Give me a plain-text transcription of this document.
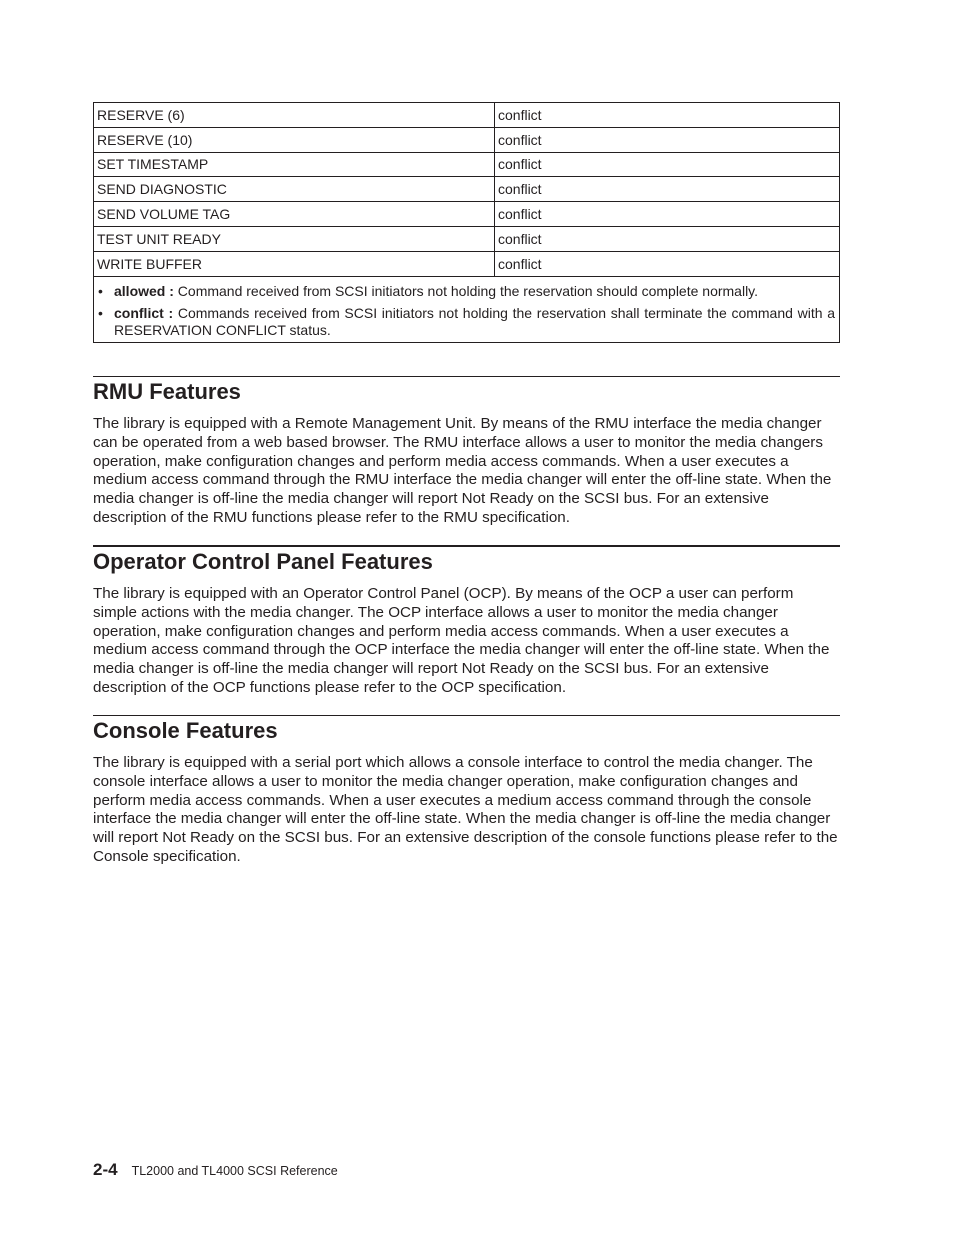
RESERVE (6)	conflict
RESERVE (10)	conflict
SET TIMESTAMP	conflict
SEND DIAGNOSTIC	conflict
SEND VOLUME TAG	conflict
TEST UNIT READY	conflict
WRITE BUFFER	conflict

• allowed : Command received from SCSI initiators not holding the reservation should complete normally.
• conflict : Commands received from SCSI initiators not holding the reservation shall terminate the command with a RESERVATION CONFLICT status.	
RMU Features

The library is equipped with a Remote Management Unit. By means of the RMU interface the media changer can be operated from a web based browser. The RMU interface allows a user to monitor the media changers operation, make configuration changes and perform media access commands. When a user executes a medium access command through the RMU interface the media changer will enter the off-line state. When the media changer is off-line the media changer will report Not Ready on the SCSI bus. For an extensive description of the RMU functions please refer to the RMU specification.

Operator Control Panel Features

The library is equipped with an Operator Control Panel (OCP). By means of the OCP a user can perform simple actions with the media changer. The OCP interface allows a user to monitor the media changer operation, make configuration changes and perform media access commands. When a user executes a medium access command through the OCP interface the media changer will enter the off-line state. When the media changer is off-line the media changer will report Not Ready on the SCSI bus. For an extensive description of the OCP functions please refer to the OCP specification.

Console Features

The library is equipped with a serial port which allows a console interface to control the media changer. The console interface allows a user to monitor the media changer operation, make configuration changes and perform media access commands. When a user executes a medium access command through the console interface the media changer will enter the off-line state. When the media changer is off-line the media changer will report Not Ready on the SCSI bus. For an extensive description of the console functions please refer to the Console specification.

2-4 TL2000 and TL4000 SCSI Reference
